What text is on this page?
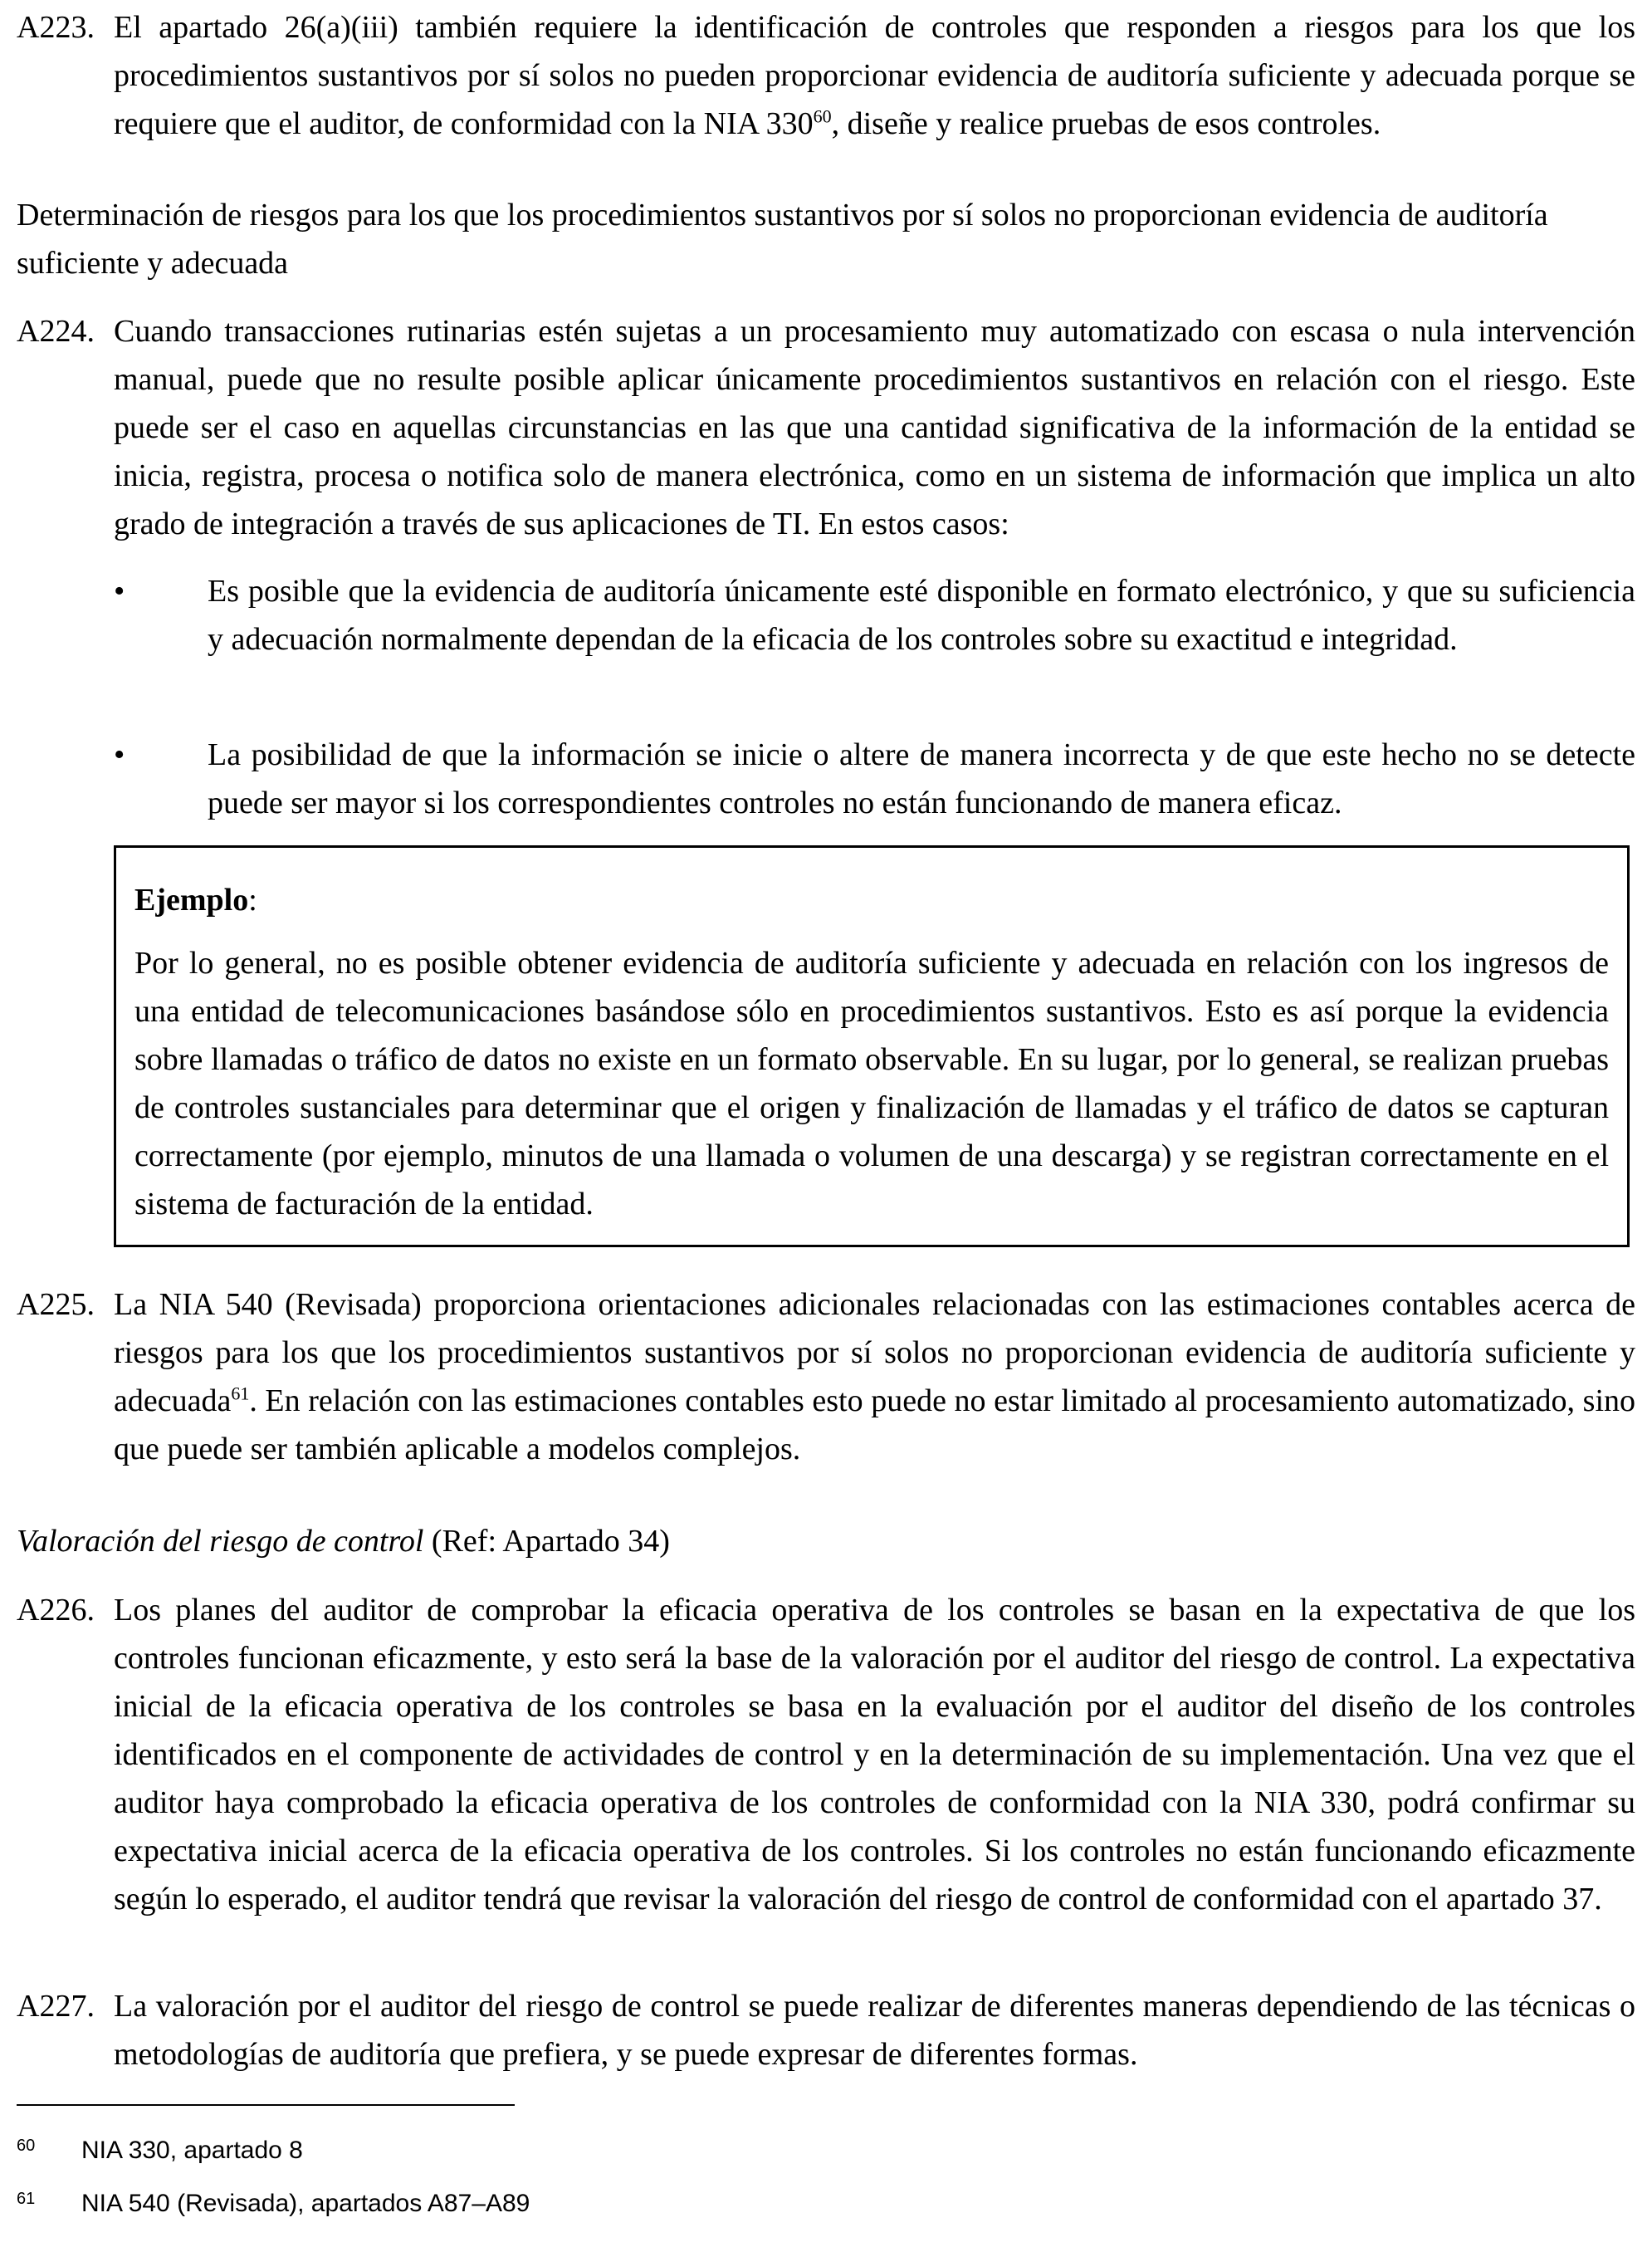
A223. El apartado 26(a)(iii) también requiere la identificación de controles que responden a riesgos para los que los procedimientos sustantivos por sí solos no pueden proporcionar evidencia de auditoría suficiente y adecuada porque se requiere que el auditor, de conformidad con la NIA $330^{60}$, diseñe y realice pruebas de esos controles.
Determinación de riesgos para los que los procedimientos sustantivos por sí solos no proporcionan evidencia de auditoría suficiente y adecuada
A224. Cuando transacciones rutinarias estén sujetas a un procesamiento muy automatizado con escasa o nula intervención manual, puede que no resulte posible aplicar únicamente procedimientos sustantivos en relación con el riesgo. Este puede ser el caso en aquellas circunstancias en las que una cantidad significativa de la información de la entidad se inicia, registra, procesa o notifica solo de manera electrónica, como en un sistema de información que implica un alto grado de integración a través de sus aplicaciones de TI. En estos casos:
•	Es posible que la evidencia de auditoría únicamente esté disponible en formato electrónico, y que su suficiencia y adecuación normalmente dependan de la eficacia de los controles sobre su exactitud e integridad.
•	La posibilidad de que la información se inicie o altere de manera incorrecta y de que este hecho no se detecte puede ser mayor si los correspondientes controles no están funcionando de manera eficaz.
Ejemplo:
Por lo general, no es posible obtener evidencia de auditoría suficiente y adecuada en relación con los ingresos de una entidad de telecomunicaciones basándose sólo en procedimientos sustantivos. Esto es así porque la evidencia sobre llamadas o tráfico de datos no existe en un formato observable. En su lugar, por lo general, se realizan pruebas de controles sustanciales para determinar que el origen y finalización de llamadas y el tráfico de datos se capturan correctamente (por ejemplo, minutos de una llamada o volumen de una descarga) y se registran correctamente en el sistema de facturación de la entidad.
A225. La NIA 540 (Revisada) proporciona orientaciones adicionales relacionadas con las estimaciones contables acerca de riesgos para los que los procedimientos sustantivos por sí solos no proporcionan evidencia de auditoría suficiente y adecuada$^{61}$. En relación con las estimaciones contables esto puede no estar limitado al procesamiento automatizado, sino que puede ser también aplicable a modelos complejos.
Valoración del riesgo de control (Ref: Apartado 34)
A226. Los planes del auditor de comprobar la eficacia operativa de los controles se basan en la expectativa de que los controles funcionan eficazmente, y esto será la base de la valoración por el auditor del riesgo de control. La expectativa inicial de la eficacia operativa de los controles se basa en la evaluación por el auditor del diseño de los controles identificados en el componente de actividades de control y en la determinación de su implementación. Una vez que el auditor haya comprobado la eficacia operativa de los controles de conformidad con la NIA 330, podrá confirmar su expectativa inicial acerca de la eficacia operativa de los controles. Si los controles no están funcionando eficazmente según lo esperado, el auditor tendrá que revisar la valoración del riesgo de control de conformidad con el apartado 37.
A227. La valoración por el auditor del riesgo de control se puede realizar de diferentes maneras dependiendo de las técnicas o metodologías de auditoría que prefiera, y se puede expresar de diferentes formas.
60 NIA 330, apartado 8
61 NIA 540 (Revisada), apartados A87–A89
